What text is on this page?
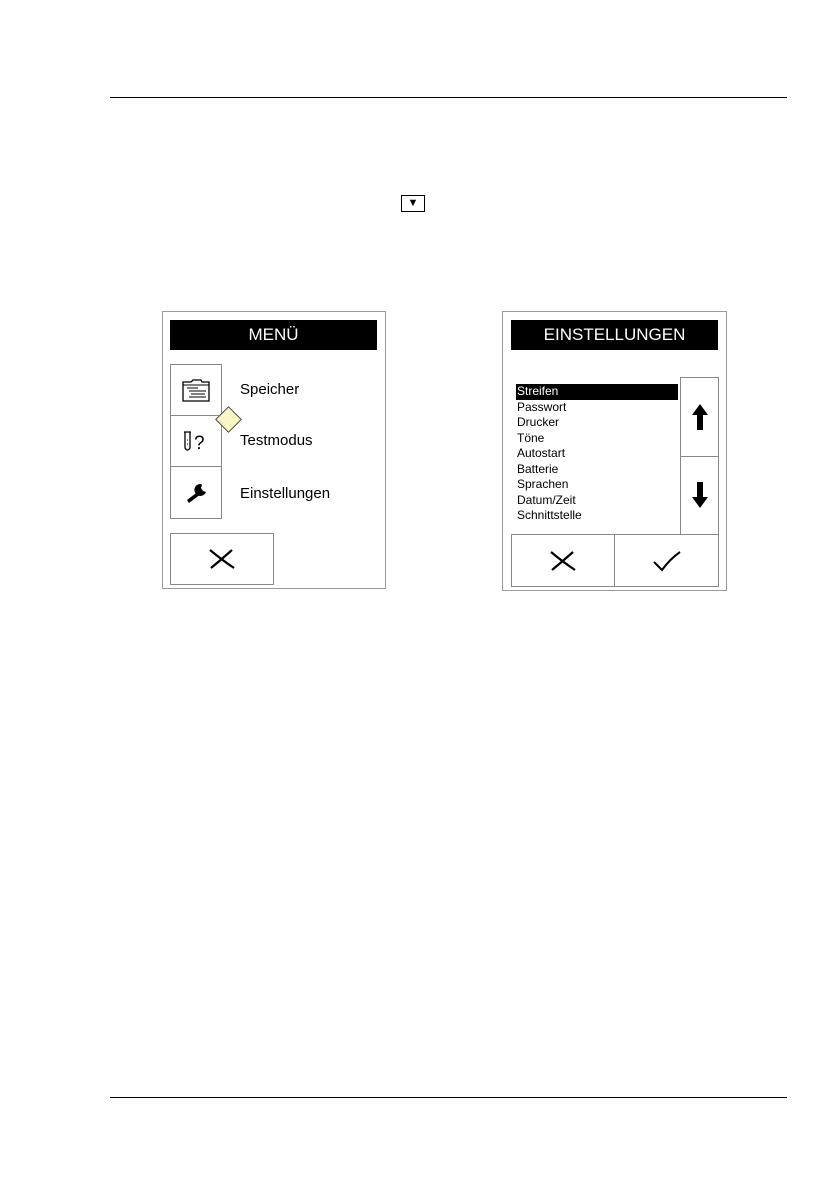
▼
MENÜ
?
Speicher
Testmodus
Einstellungen
EINSTELLUNGEN
Streifen
Passwort
Drucker
Töne
Autostart
Batterie
Sprachen
Datum/Zeit
Schnittstelle
